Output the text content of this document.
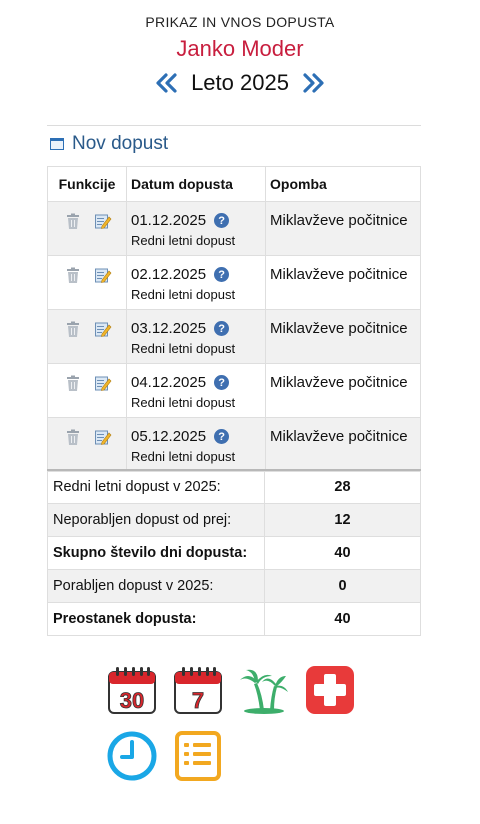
PRIKAZ IN VNOS DOPUSTA
Janko Moder
Leto 2025
Nov dopust
Funkcije	Datum dopusta	Opomba

01.12.2025 ?
Redni letni dopust	Miklavževe počitnice

02.12.2025 ?
Redni letni dopust	Miklavževe počitnice

03.12.2025 ?
Redni letni dopust	Miklavževe počitnice

04.12.2025 ?
Redni letni dopust	Miklavževe počitnice

05.12.2025 ?
Redni letni dopust	Miklavževe počitnice
Redni letni dopust v 2025:	28
Neporabljen dopust od prej:	12
Skupno število dni dopusta:	40
Porabljen dopust v 2025:	0
Preostanek dopusta:	40
30 7
